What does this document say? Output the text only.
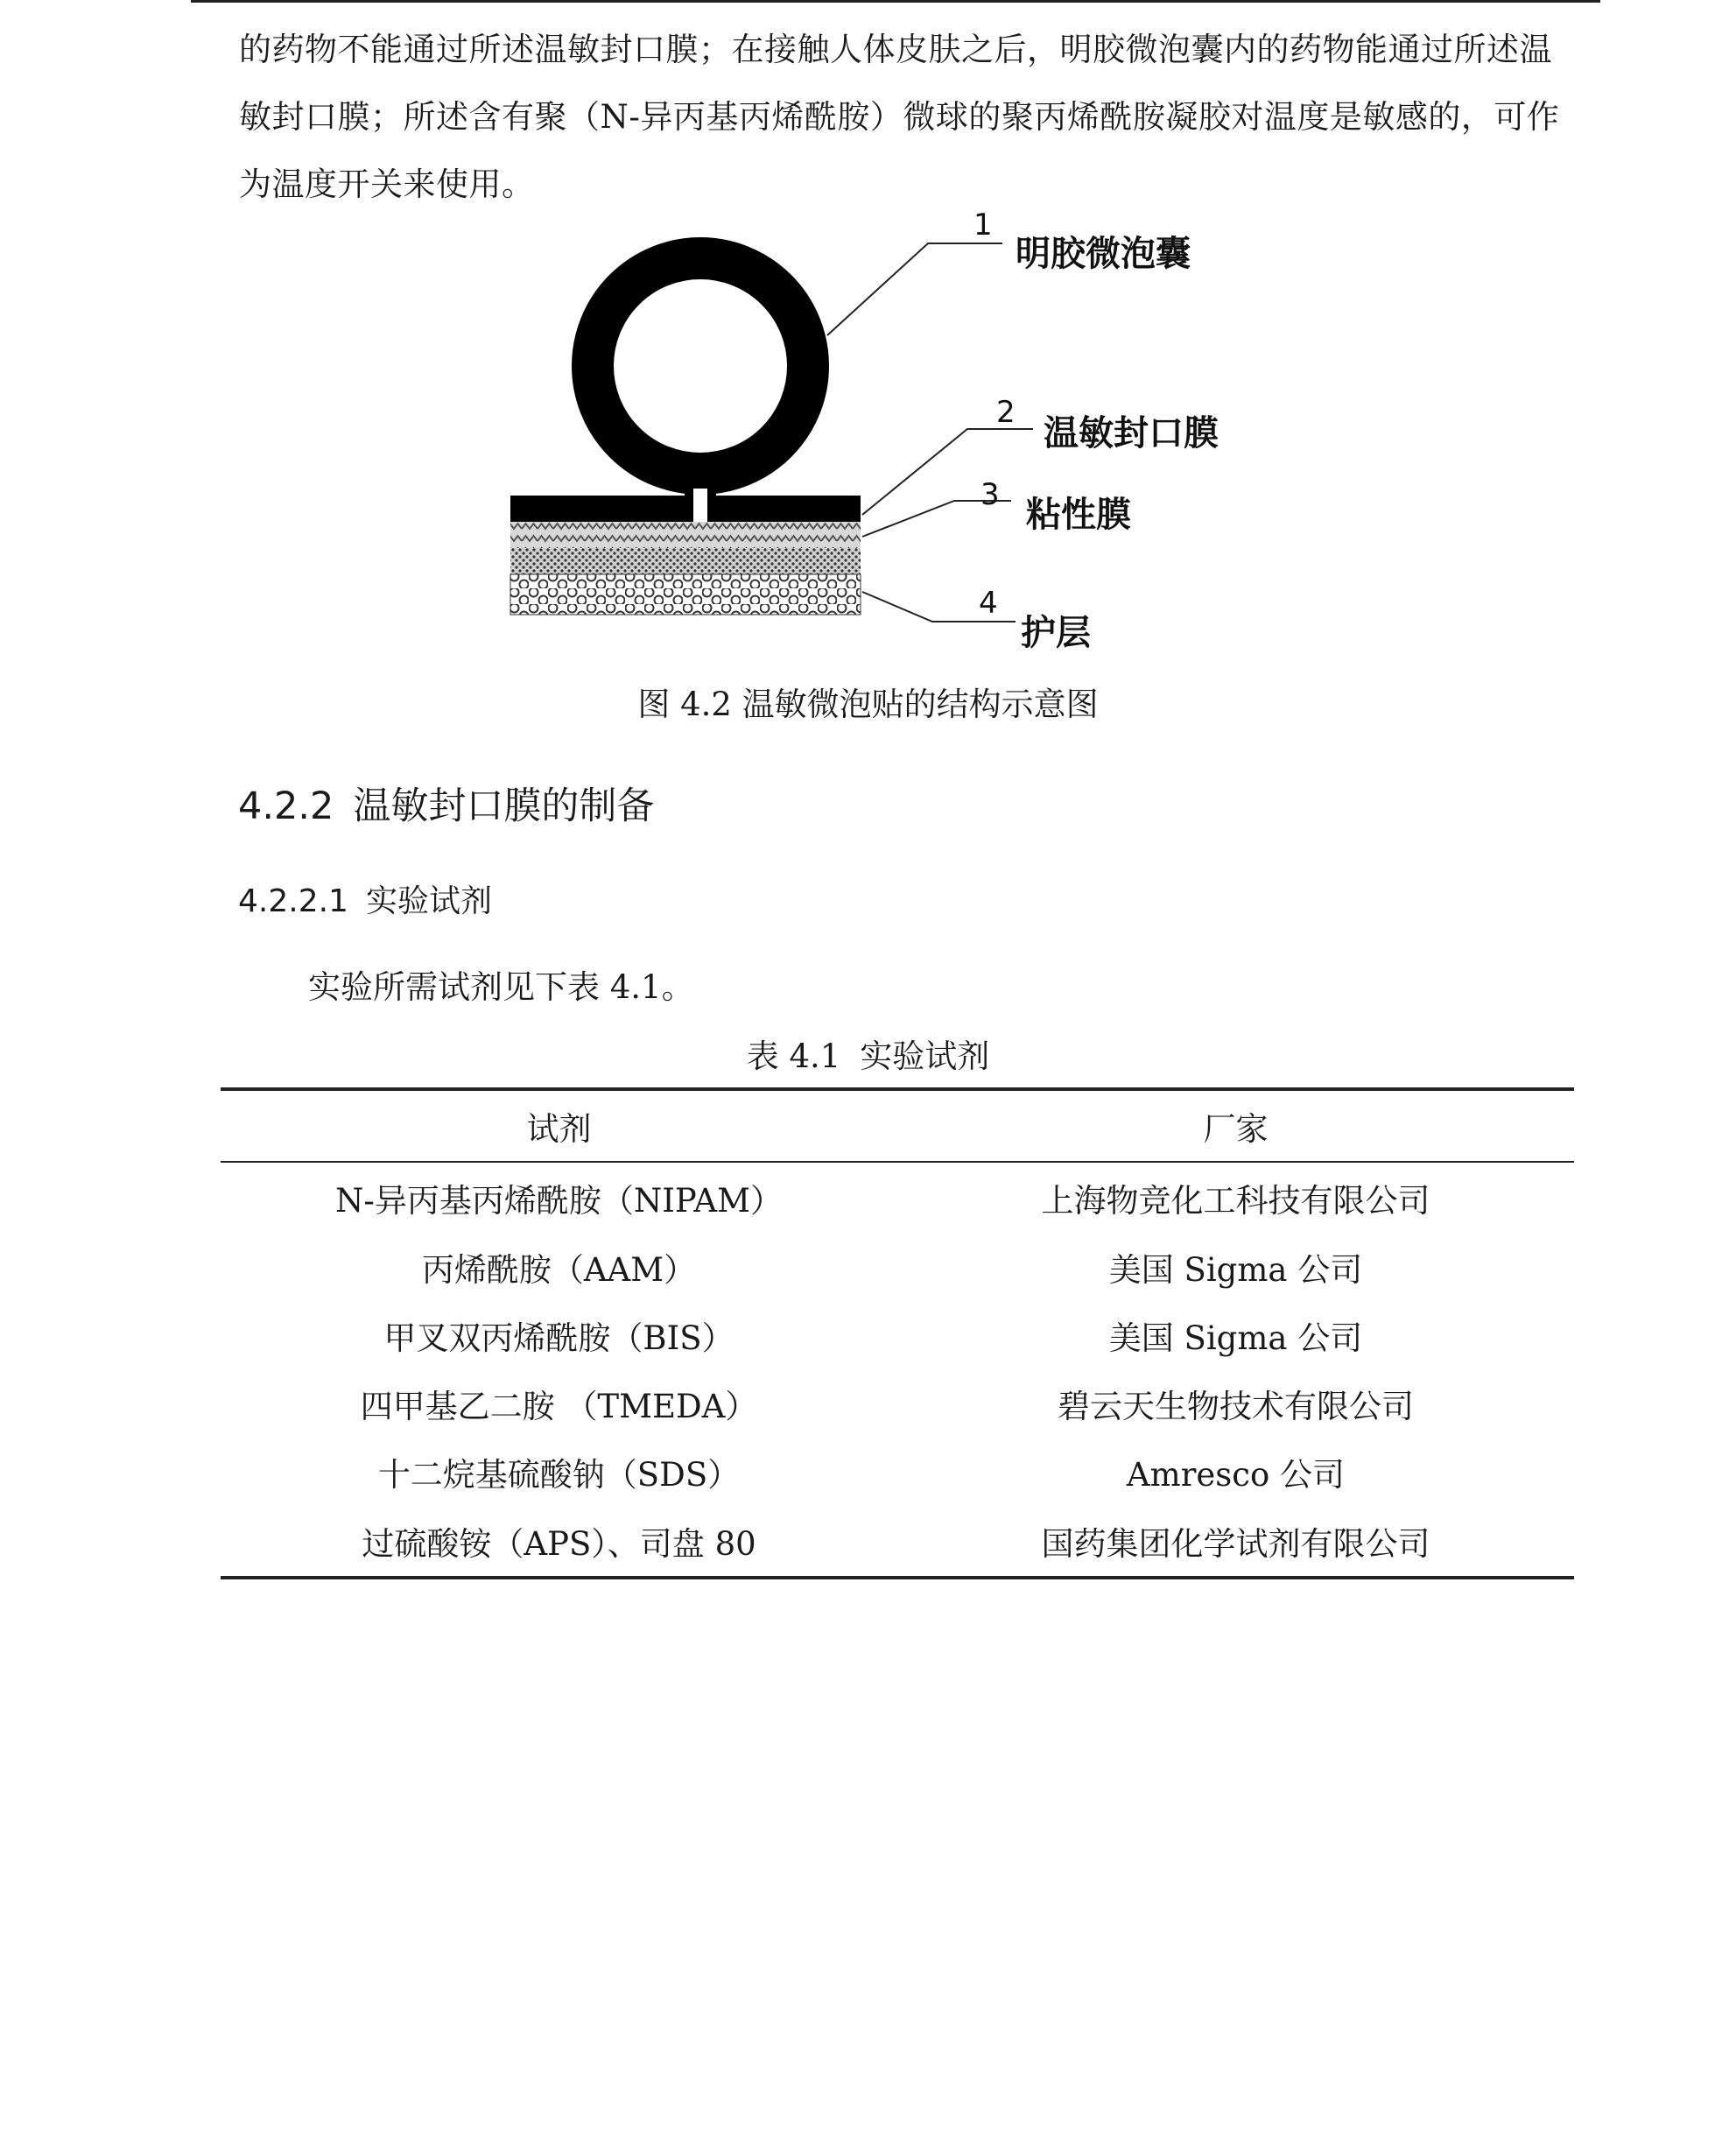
的药物不能通过所述温敏封口膜；在接触人体皮肤之后，明胶微泡囊内的药物能通过所述温敏封口膜；所述含有聚（N-异丙基丙烯酰胺）微球的聚丙烯酰胺凝胶对温度是敏感的，可作为温度开关来使用。

1
明胶微泡囊
2
温敏封口膜
3 粘性膜
4
护层
图 4.2 温敏微泡贴的结构示意图
4.2.2 温敏封口膜的制备
4.2.2.1 实验试剂
实验所需试剂见下表 4.1。
表 4.1 实验试剂
试剂	厂家
N-异丙基丙烯酰胺（NIPAM）	上海物竞化工科技有限公司
丙烯酰胺（AAM）	美国 Sigma 公司
甲叉双丙烯酰胺（BIS）	美国 Sigma 公司
四甲基乙二胺 （TMEDA）	碧云天生物技术有限公司
十二烷基硫酸钠（SDS）	Amresco 公司
过硫酸铵（APS）、司盘 80	国药集团化学试剂有限公司
